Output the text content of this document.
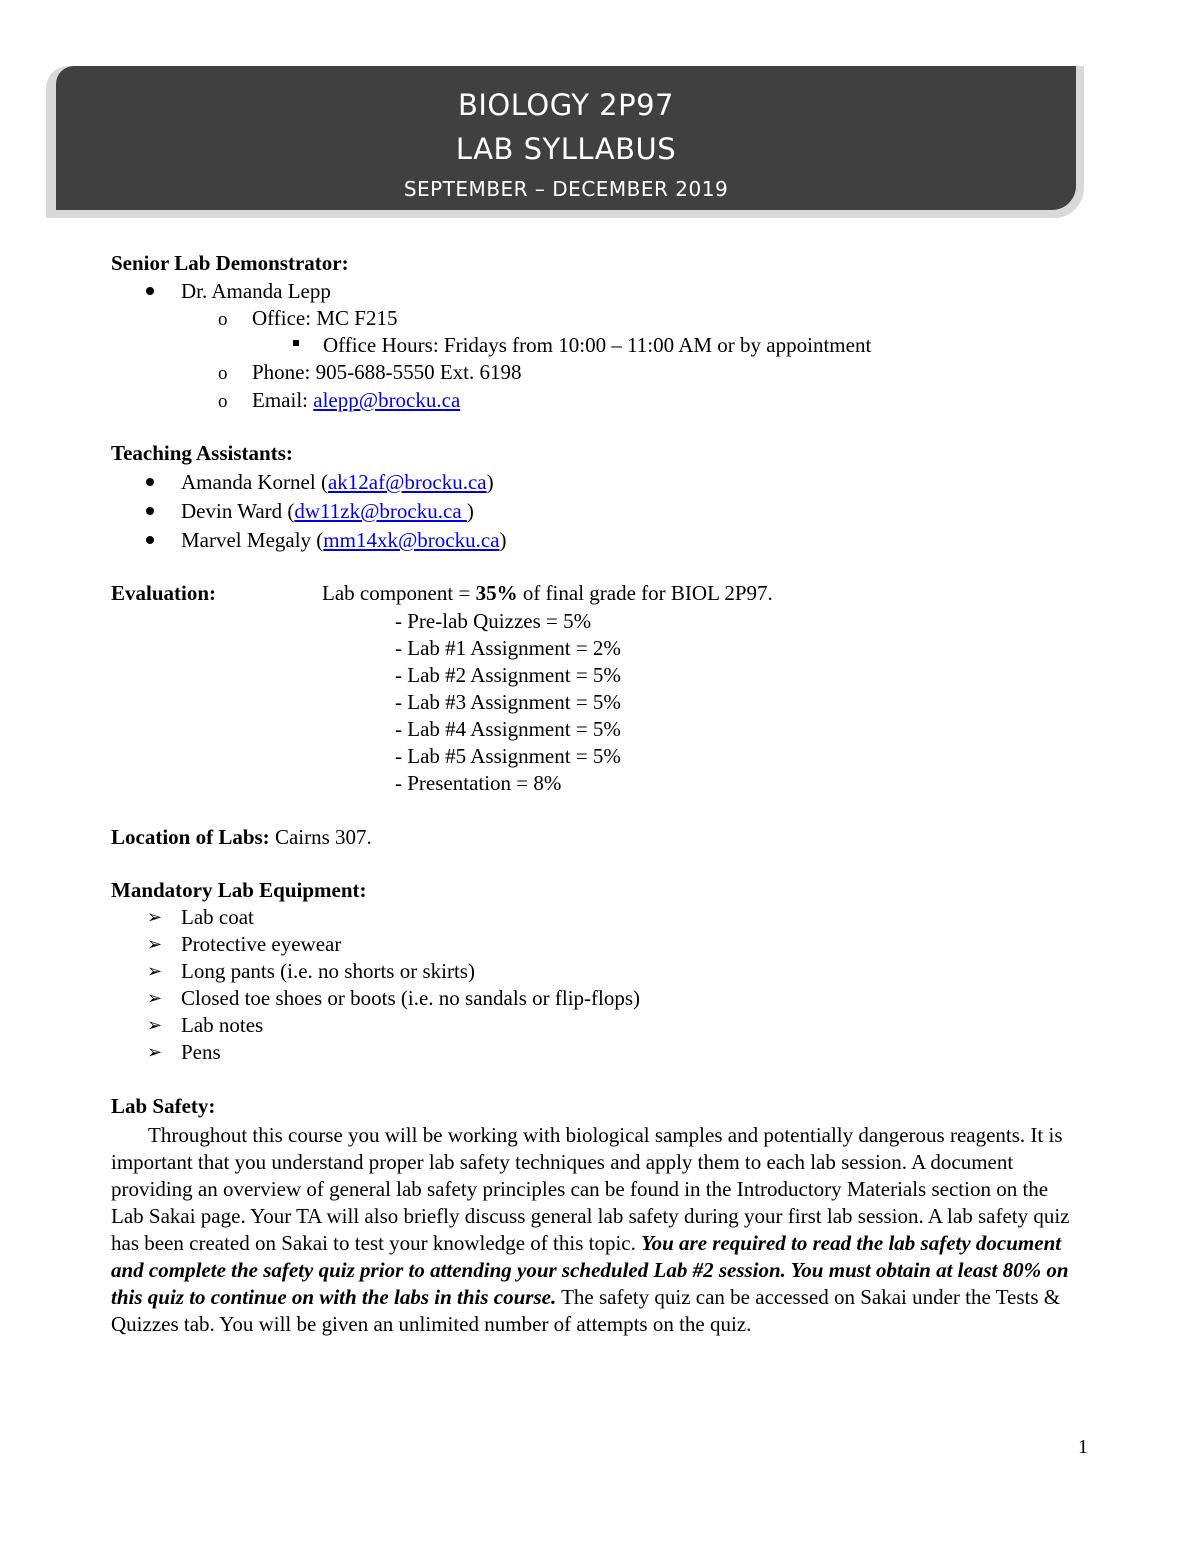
BIOLOGY 2P97
LAB SYLLABUS
SEPTEMBER – DECEMBER 2019
Senior Lab Demonstrator:
Dr. Amanda Lepp
o Office: MC F215
Office Hours: Fridays from 10:00 – 11:00 AM or by appointment
o Phone: 905-688-5550 Ext. 6198
o Email: alepp@brocku.ca
Teaching Assistants:
Amanda Kornel (ak12af@brocku.ca)
Devin Ward (dw11zk@brocku.ca )
Marvel Megaly (mm14xk@brocku.ca)
Evaluation:	Lab component = 35% of final grade for BIOL 2P97.
- Pre-lab Quizzes = 5%
- Lab #1 Assignment = 2%
- Lab #2 Assignment = 5%
- Lab #3 Assignment = 5%
- Lab #4 Assignment = 5%
- Lab #5 Assignment = 5%
- Presentation = 8%
Location of Labs: Cairns 307.
Mandatory Lab Equipment:
➢ Lab coat
➢ Protective eyewear
➢ Long pants (i.e. no shorts or skirts)
➢ Closed toe shoes or boots (i.e. no sandals or flip-flops)
➢ Lab notes
➢ Pens
Lab Safety:
Throughout this course you will be working with biological samples and potentially dangerous reagents. It is important that you understand proper lab safety techniques and apply them to each lab session. A document providing an overview of general lab safety principles can be found in the Introductory Materials section on the Lab Sakai page. Your TA will also briefly discuss general lab safety during your first lab session. A lab safety quiz has been created on Sakai to test your knowledge of this topic. You are required to read the lab safety document and complete the safety quiz prior to attending your scheduled Lab #2 session. You must obtain at least 80% on this quiz to continue on with the labs in this course. The safety quiz can be accessed on Sakai under the Tests & Quizzes tab. You will be given an unlimited number of attempts on the quiz.
1
